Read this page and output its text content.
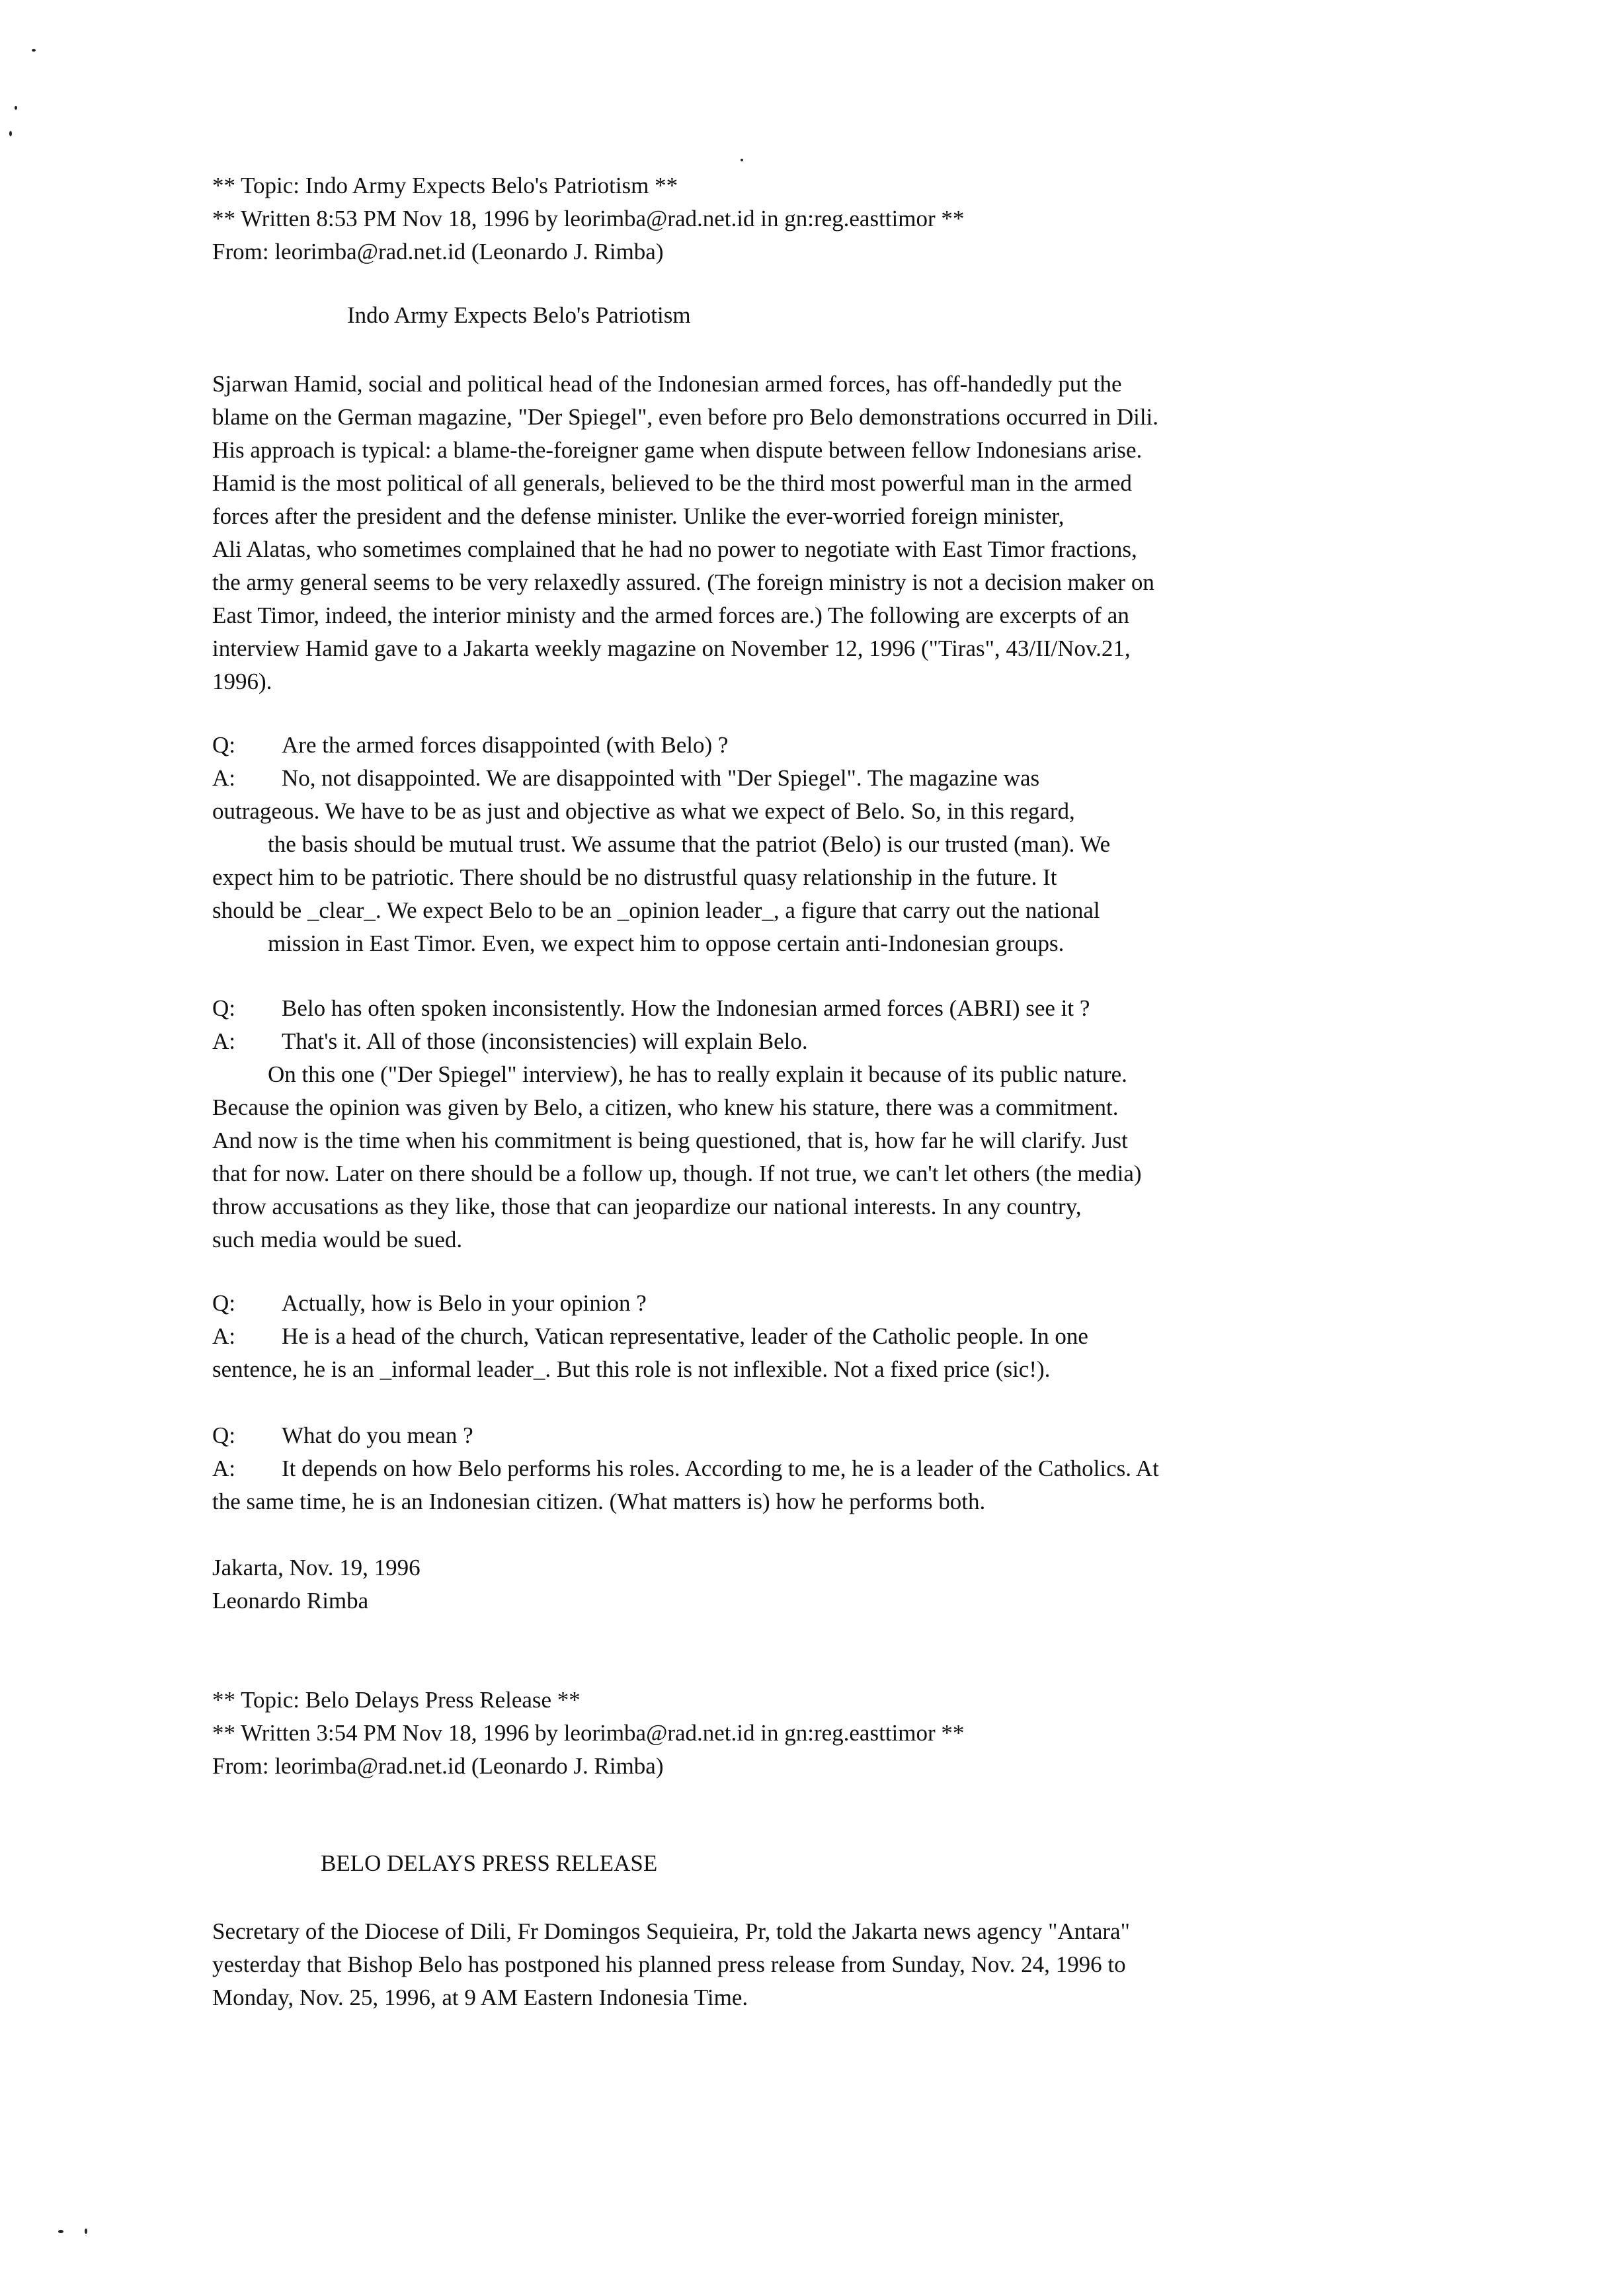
** Topic: Indo Army Expects Belo's Patriotism **

** Written 8:53 PM Nov 18, 1996 by leorimba@rad.net.id in gn:reg.easttimor **

From: leorimba@rad.net.id (Leonardo J. Rimba)

Indo Army Expects Belo's Patriotism

Sjarwan Hamid, social and political head of the Indonesian armed forces, has off-handedly put the

blame on the German magazine, "Der Spiegel", even before pro Belo demonstrations occurred in Dili.

His approach is typical: a blame-the-foreigner game when dispute between fellow Indonesians arise.

Hamid is the most political of all generals, believed to be the third most powerful man in the armed

forces after the president and the defense minister. Unlike the ever-worried foreign minister,

Ali Alatas, who sometimes complained that he had no power to negotiate with East Timor fractions,

the army general seems to be very relaxedly assured. (The foreign ministry is not a decision maker on

East Timor, indeed, the interior ministy and the armed forces are.) The following are excerpts of an

interview Hamid gave to a Jakarta weekly magazine on November 12, 1996 ("Tiras", 43/II/Nov.21,

1996).

Q: Are the armed forces disappointed (with Belo) ?
A: No, not disappointed. We are disappointed with "Der Spiegel". The magazine was
outrageous. We have to be as just and objective as what we expect of Belo. So, in this regard,
the basis should be mutual trust. We assume that the patriot (Belo) is our trusted (man). We
expect him to be patriotic. There should be no distrustful quasy relationship in the future. It
should be _clear_. We expect Belo to be an _opinion leader_, a figure that carry out the national
mission in East Timor. Even, we expect him to oppose certain anti-Indonesian groups.
Q: Belo has often spoken inconsistently. How the Indonesian armed forces (ABRI) see it ?
A: That's it. All of those (inconsistencies) will explain Belo.
On this one ("Der Spiegel" interview), he has to really explain it because of its public nature.
Because the opinion was given by Belo, a citizen, who knew his stature, there was a commitment.
And now is the time when his commitment is being questioned, that is, how far he will clarify. Just
that for now. Later on there should be a follow up, though. If not true, we can't let others (the media)
throw accusations as they like, those that can jeopardize our national interests. In any country,
such media would be sued.
Q: Actually, how is Belo in your opinion ?
A: He is a head of the church, Vatican representative, leader of the Catholic people. In one
sentence, he is an _informal leader_. But this role is not inflexible. Not a fixed price (sic!).
Q: What do you mean ?
A: It depends on how Belo performs his roles. According to me, he is a leader of the Catholics. At
the same time, he is an Indonesian citizen. (What matters is) how he performs both.

Jakarta, Nov. 19, 1996

Leonardo Rimba

** Topic: Belo Delays Press Release **

** Written 3:54 PM Nov 18, 1996 by leorimba@rad.net.id in gn:reg.easttimor **

From: leorimba@rad.net.id (Leonardo J. Rimba)

BELO DELAYS PRESS RELEASE

Secretary of the Diocese of Dili, Fr Domingos Sequieira, Pr, told the Jakarta news agency "Antara"

yesterday that Bishop Belo has postponed his planned press release from Sunday, Nov. 24, 1996 to

Monday, Nov. 25, 1996, at 9 AM Eastern Indonesia Time.
